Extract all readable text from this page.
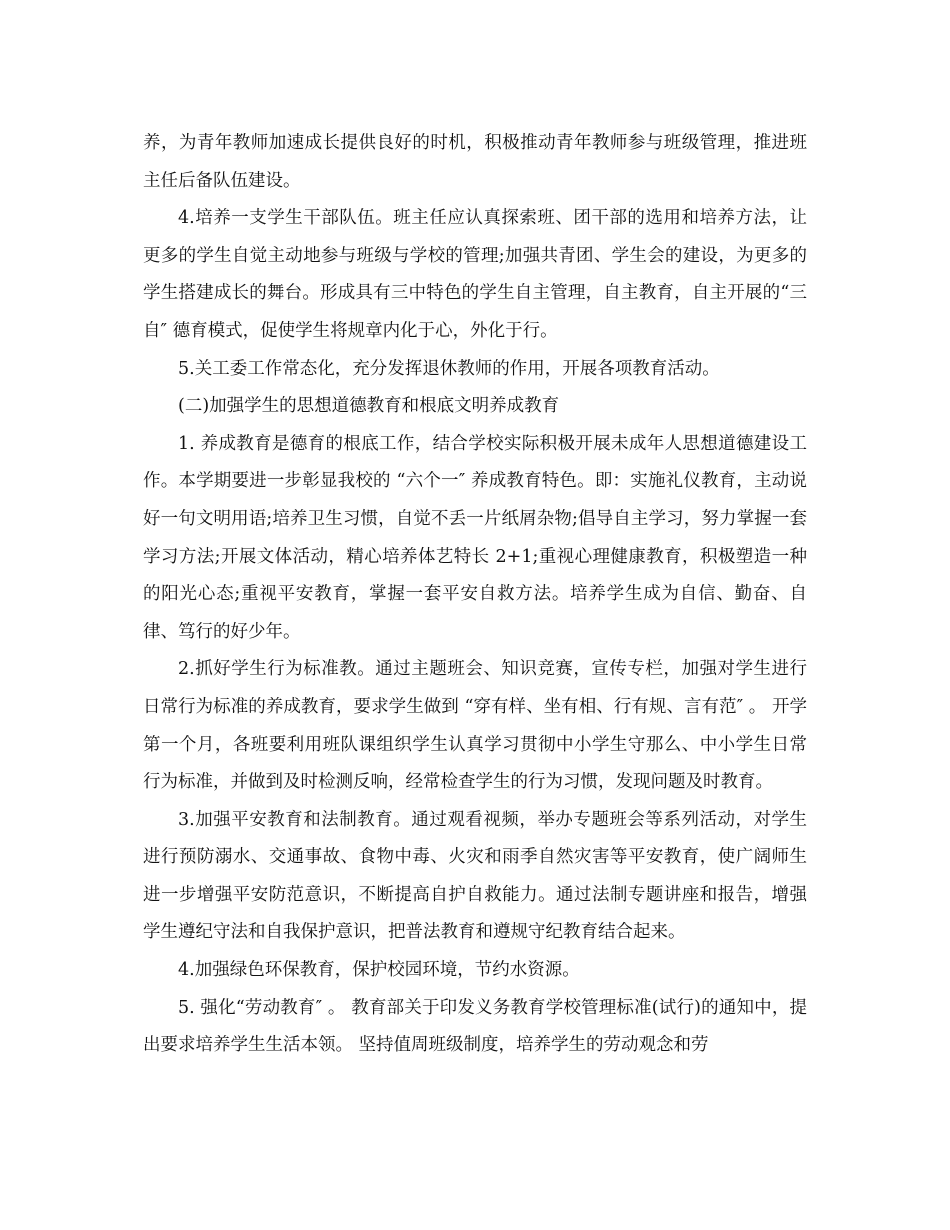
养，为青年教师加速成长提供良好的时机，积极推动青年教师参与班级管理，推进班主任后备队伍建设。

4.培养一支学生干部队伍。班主任应认真探索班、团干部的选用和培养方法，让更多的学生自觉主动地参与班级与学校的管理;加强共青团、学生会的建设，为更多的学生搭建成长的舞台。形成具有三中特色的学生自主管理，自主教育，自主开展的“三自″ 德育模式，促使学生将规章内化于心，外化于行。

5.关工委工作常态化，充分发挥退休教师的作用，开展各项教育活动。

(二)加强学生的思想道德教育和根底文明养成教育

1. 养成教育是德育的根底工作，结合学校实际积极开展未成年人思想道德建设工作。本学期要进一步彰显我校的 “六个一″ 养成教育特色。即：实施礼仪教育，主动说好一句文明用语;培养卫生习惯，自觉不丢一片纸屑杂物;倡导自主学习，努力掌握一套学习方法;开展文体活动，精心培养体艺特长 2+1;重视心理健康教育，积极塑造一种的阳光心态;重视平安教育，掌握一套平安自救方法。培养学生成为自信、勤奋、自律、笃行的好少年。

2.抓好学生行为标准教。通过主题班会、知识竞赛，宣传专栏，加强对学生进行日常行为标准的养成教育，要求学生做到 “穿有样、坐有相、行有规、言有范″ 。 开学第一个月，各班要利用班队课组织学生认真学习贯彻中小学生守那么、中小学生日常行为标准，并做到及时检测反响，经常检查学生的行为习惯，发现问题及时教育。

3.加强平安教育和法制教育。通过观看视频，举办专题班会等系列活动，对学生进行预防溺水、交通事故、食物中毒、火灾和雨季自然灾害等平安教育，使广阔师生进一步增强平安防范意识，不断提高自护自救能力。通过法制专题讲座和报告，增强学生遵纪守法和自我保护意识，把普法教育和遵规守纪教育结合起来。

4.加强绿色环保教育，保护校园环境，节约水资源。

5. 强化“劳动教育″ 。 教育部关于印发义务教育学校管理标准(试行)的通知中，提出要求培养学生生活本领。 坚持值周班级制度，培养学生的劳动观念和劳
